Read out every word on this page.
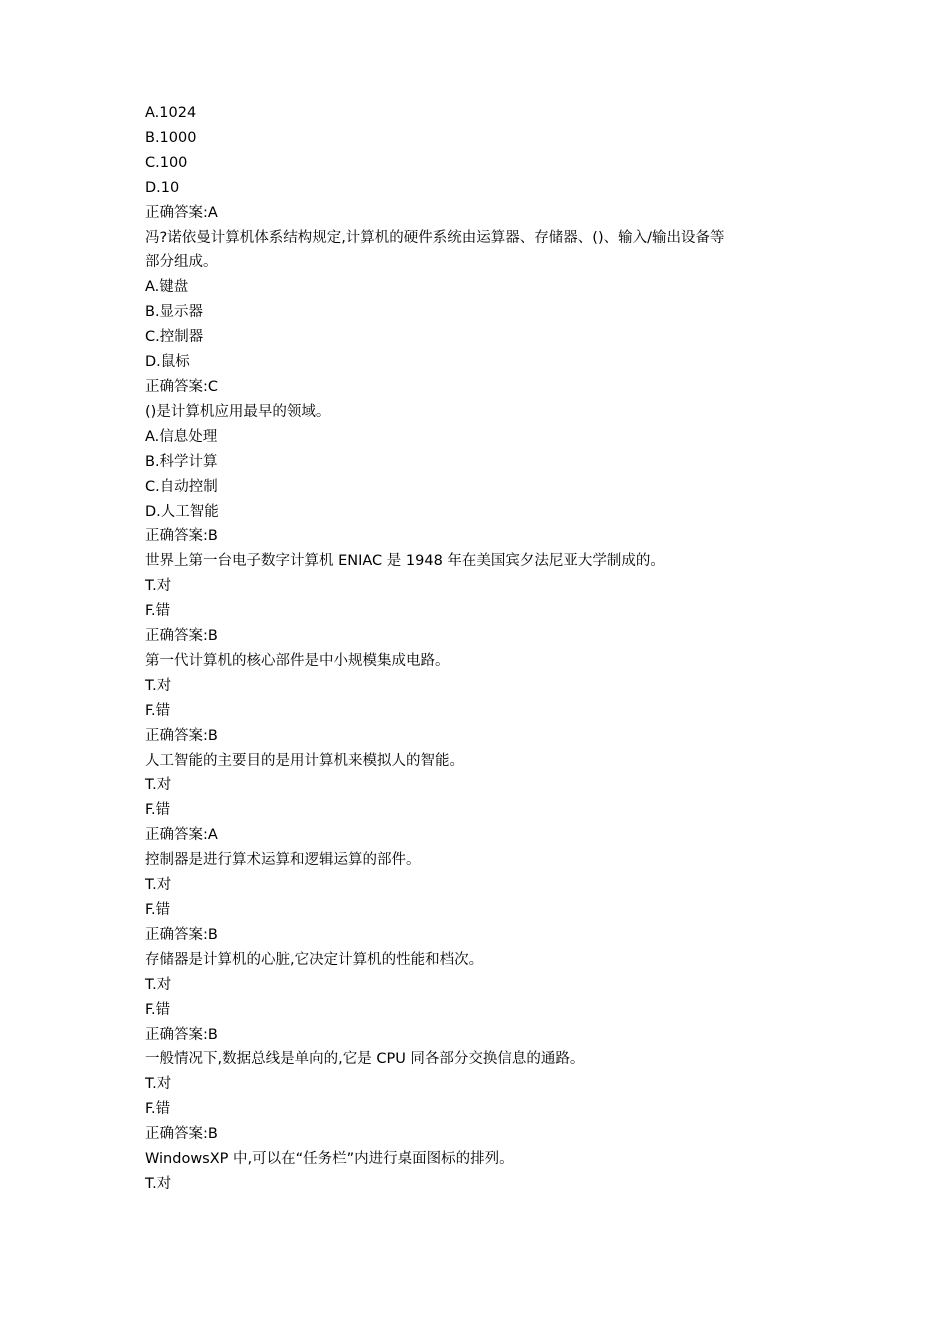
A.1024
B.1000
C.100
D.10
正确答案:A
冯?诺依曼计算机体系结构规定,计算机的硬件系统由运算器、存储器、()、输入/输出设备等
部分组成。
A.键盘
B.显示器
C.控制器
D.鼠标
正确答案:C
()是计算机应用最早的领域。
A.信息处理
B.科学计算
C.自动控制
D.人工智能
正确答案:B
世界上第一台电子数字计算机 ENIAC 是 1948 年在美国宾夕法尼亚大学制成的。
T.对
F.错
正确答案:B
第一代计算机的核心部件是中小规模集成电路。
T.对
F.错
正确答案:B
人工智能的主要目的是用计算机来模拟人的智能。
T.对
F.错
正确答案:A
控制器是进行算术运算和逻辑运算的部件。
T.对
F.错
正确答案:B
存储器是计算机的心脏,它决定计算机的性能和档次。
T.对
F.错
正确答案:B
一般情况下,数据总线是单向的,它是 CPU 同各部分交换信息的通路。
T.对
F.错
正确答案:B
WindowsXP 中,可以在“任务栏”内进行桌面图标的排列。
T.对
